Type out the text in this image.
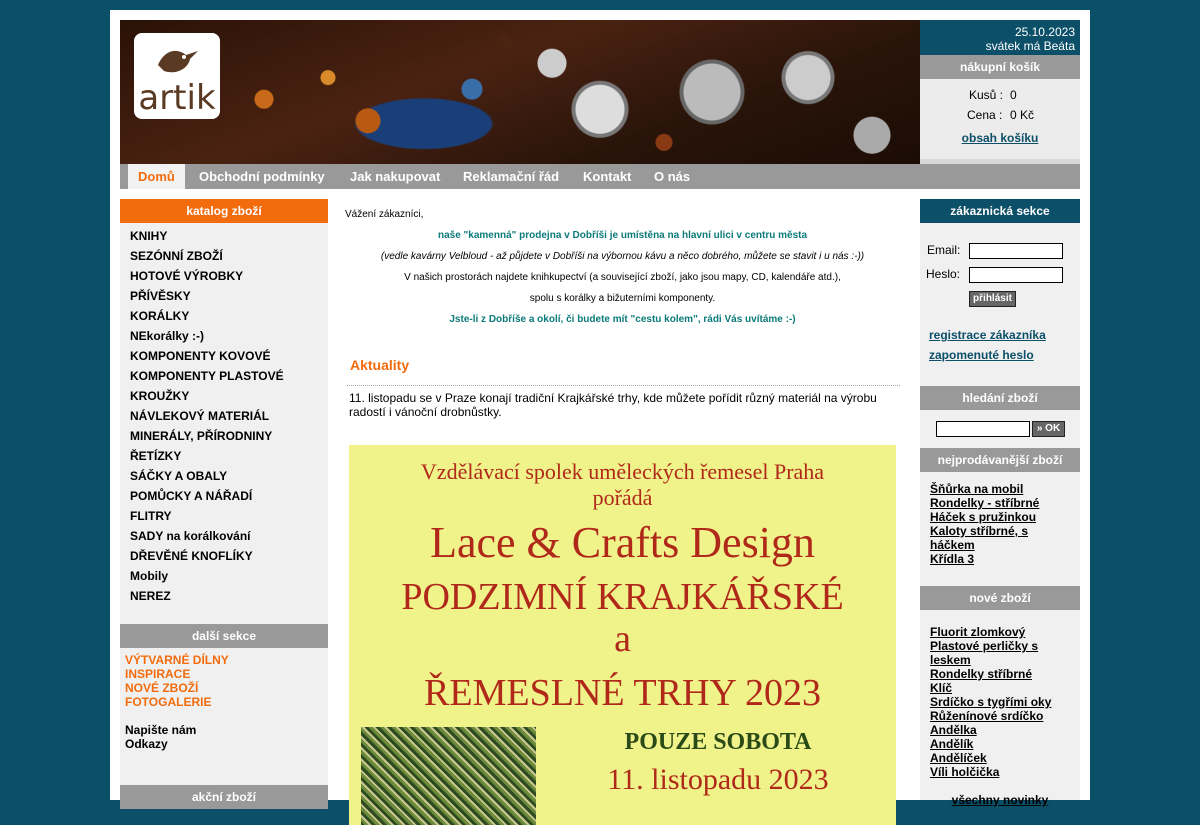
artik
25.10.2023
svátek má Beáta
nákupní košík
Kusů : 0
Cena : 0 Kč
obsah košíku
Domů	Obchodní podmínky	Jak nakupovat	Reklamační řád	Kontakt	O nás
katalog zboží
KNIHY
SEZÓNNÍ ZBOŽÍ
HOTOVÉ VÝROBKY
PŘÍVĚSKY
KORÁLKY
NEkorálky :-)
KOMPONENTY KOVOVÉ
KOMPONENTY PLASTOVÉ
KROUŽKY
NÁVLEKOVÝ MATERIÁL
MINERÁLY, PŘÍRODNINY
ŘETÍZKY
SÁČKY A OBALY
POMŮCKY A NÁŘADÍ
FLITRY
SADY na korálkování
DŘEVĚNÉ KNOFLÍKY
Mobily
NEREZ
další sekce
VÝTVARNÉ DÍLNY
INSPIRACE
NOVÉ ZBOŽÍ
FOTOGALERIE
Napište nám
Odkazy
akční zboží
Vážení zákazníci,
naše "kamenná" prodejna v Dobříši je umístěna na hlavní ulici v centru města
(vedle kavárny Velbloud - až půjdete v Dobříši na výbornou kávu a něco dobrého, můžete se stavit i u nás :-))
V našich prostorách najdete knihkupectví (a související zboží, jako jsou mapy, CD, kalendáře atd.),
spolu s korálky a bižuterními komponenty.
Jste-li z Dobříše a okolí, či budete mít "cestu kolem", rádi Vás uvítáme :-)
Aktuality
11. listopadu se v Praze konají tradiční Krajkářské trhy, kde můžete pořídit různý materiál na výrobu radostí i vánoční drobnůstky.
Vzdělávací spolek uměleckých řemesel Praha
pořádá
Lace & Crafts Design
PODZIMNÍ KRAJKÁŘSKÉ
a
ŘEMESLNÉ TRHY 2023
POUZE SOBOTA
11. listopadu 2023
zákaznická sekce
Email:
Heslo:
přihlásit
registrace zákazníka
zapomenuté heslo
hledání zboží
» OK
nejprodávanější zboží
Šňůrka na mobil
Rondelky - stříbrné
Háček s pružinkou
Kaloty stříbrné, s háčkem
Křídla 3
nové zboží
Fluorit zlomkový
Plastové perličky s leskem
Rondelky stříbrné
Klíč
Srdíčko s tygřími oky
Růženínové srdíčko
Andělka
Andělík
Andělíček
Víli holčička
všechny novinky
